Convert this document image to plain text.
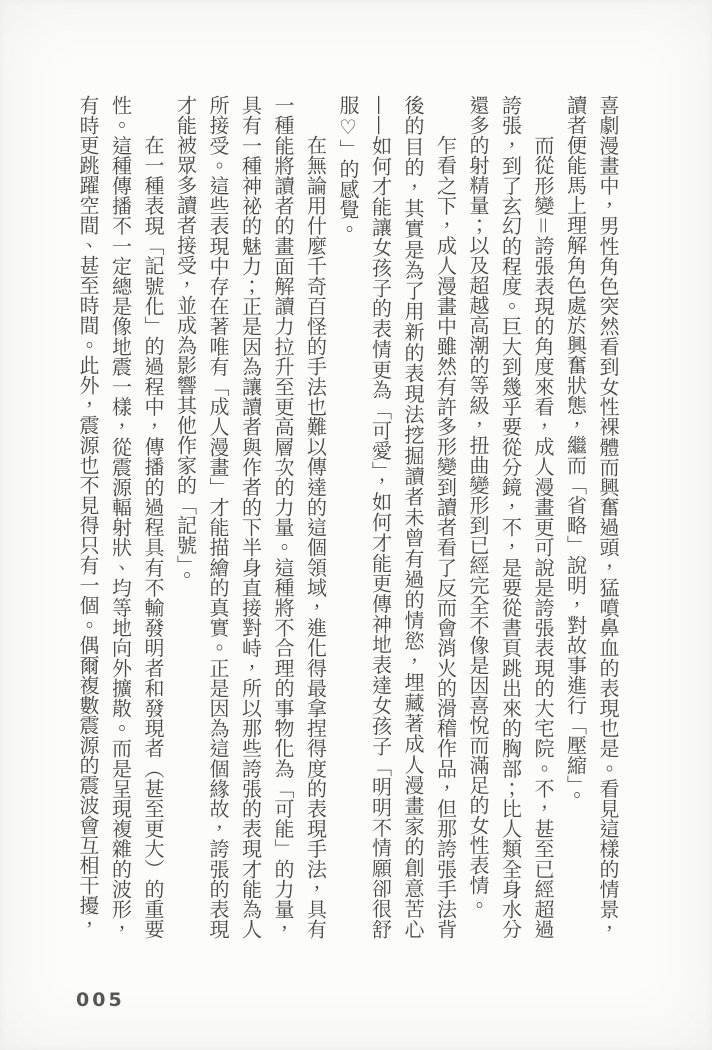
喜劇漫畫中，男性角色突然看到女性裸體而興奮過頭，猛噴鼻血的表現也是。看見這樣的情景，讀者便能馬上理解角色處於興奮狀態，繼而「省略」說明，對故事進行「壓縮」。

而從形變＝誇張表現的角度來看，成人漫畫更可說是誇張表現的大宅院。不，甚至已經超過誇張，到了玄幻的程度。巨大到幾乎要從分鏡，不，是要從書頁跳出來的胸部；比人類全身水分還多的射精量；以及超越高潮的等級，扭曲變形到已經完全不像是因喜悅而滿足的女性表情。

乍看之下，成人漫畫中雖然有許多形變到讀者看了反而會消火的滑稽作品，但那誇張手法背後的目的，其實是為了用新的表現法挖掘讀者未曾有過的情慾，埋藏著成人漫畫家的創意苦心——如何才能讓女孩子的表情更為「可愛」，如何才能更傳神地表達女孩子「明明不情願卻很舒服♡」的感覺。

在無論用什麼千奇百怪的手法也難以傳達的這個領域，進化得最拿捏得度的表現手法，具有一種能將讀者的畫面解讀力拉升至更高層次的力量。這種將不合理的事物化為「可能」的力量，具有一種神祕的魅力；正是因為讓讀者與作者的下半身直接對峙，所以那些誇張的表現才能為人所接受。這些表現中存在著唯有「成人漫畫」才能描繪的真實。正是因為這個緣故，誇張的表現才能被眾多讀者接受，並成為影響其他作家的「記號」。

在一種表現「記號化」的過程中，傳播的過程具有不輸發明者和發現者（甚至更大）的重要性。這種傳播不一定總是像地震一樣，從震源輻射狀、均等地向外擴散。而是呈現複雜的波形，有時更跳躍空間、甚至時間。此外，震源也不見得只有一個。偶爾複數震源的震波會互相干擾，

005
